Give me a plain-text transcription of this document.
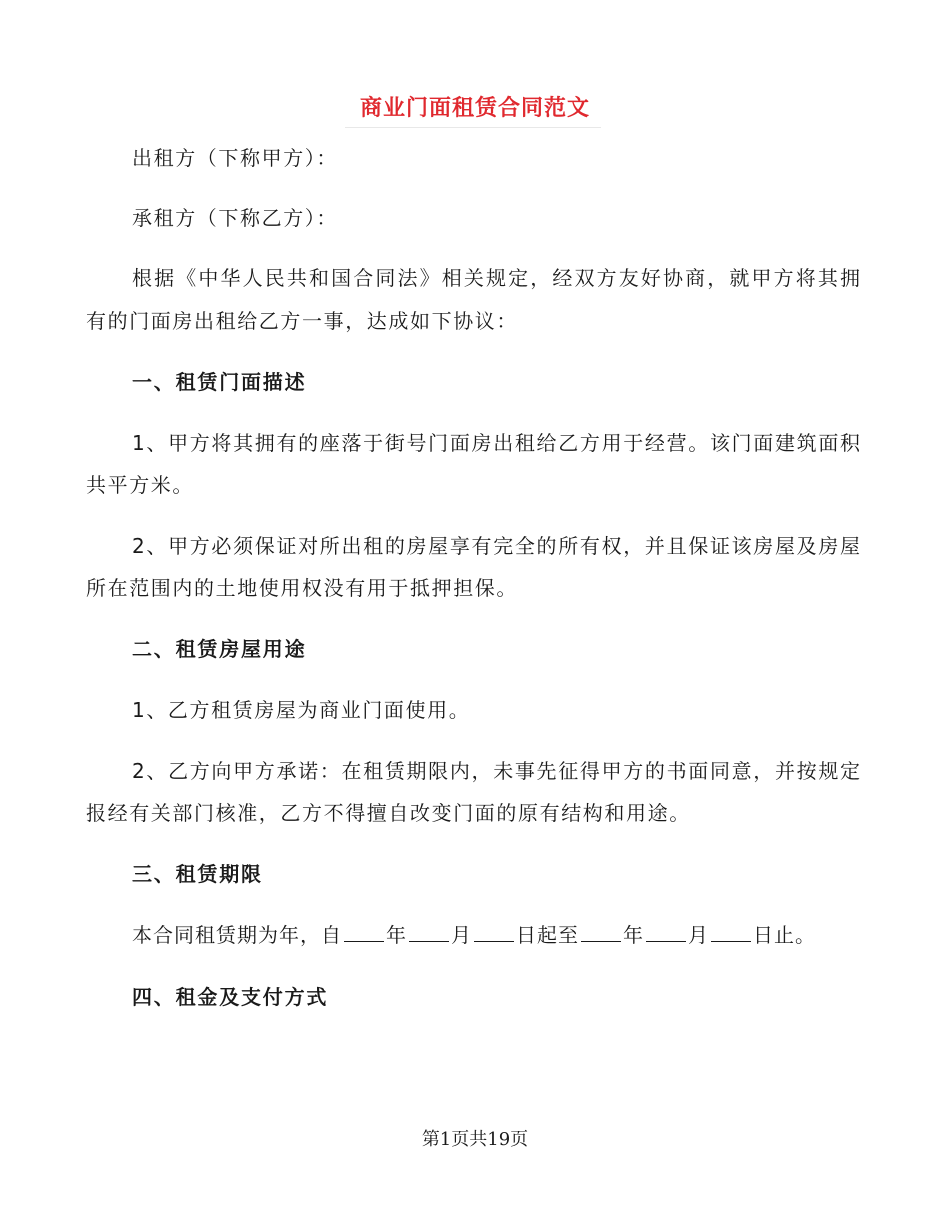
商业门面租赁合同范文
出租方（下称甲方）：
承租方（下称乙方）：
根据《中华人民共和国合同法》相关规定，经双方友好协商，就甲方将其拥
有的门面房出租给乙方一事，达成如下协议：
一、租赁门面描述
1、甲方将其拥有的座落于街号门面房出租给乙方用于经营。该门面建筑面积
共平方米。
2、甲方必须保证对所出租的房屋享有完全的所有权，并且保证该房屋及房屋
所在范围内的土地使用权没有用于抵押担保。
二、租赁房屋用途
1、乙方租赁房屋为商业门面使用。
2、乙方向甲方承诺：在租赁期限内，未事先征得甲方的书面同意，并按规定
报经有关部门核准，乙方不得擅自改变门面的原有结构和用途。
三、租赁期限
本合同租赁期为年，自 年 月 日起至 年 月 日止。
四、租金及支付方式
第1页共19页
